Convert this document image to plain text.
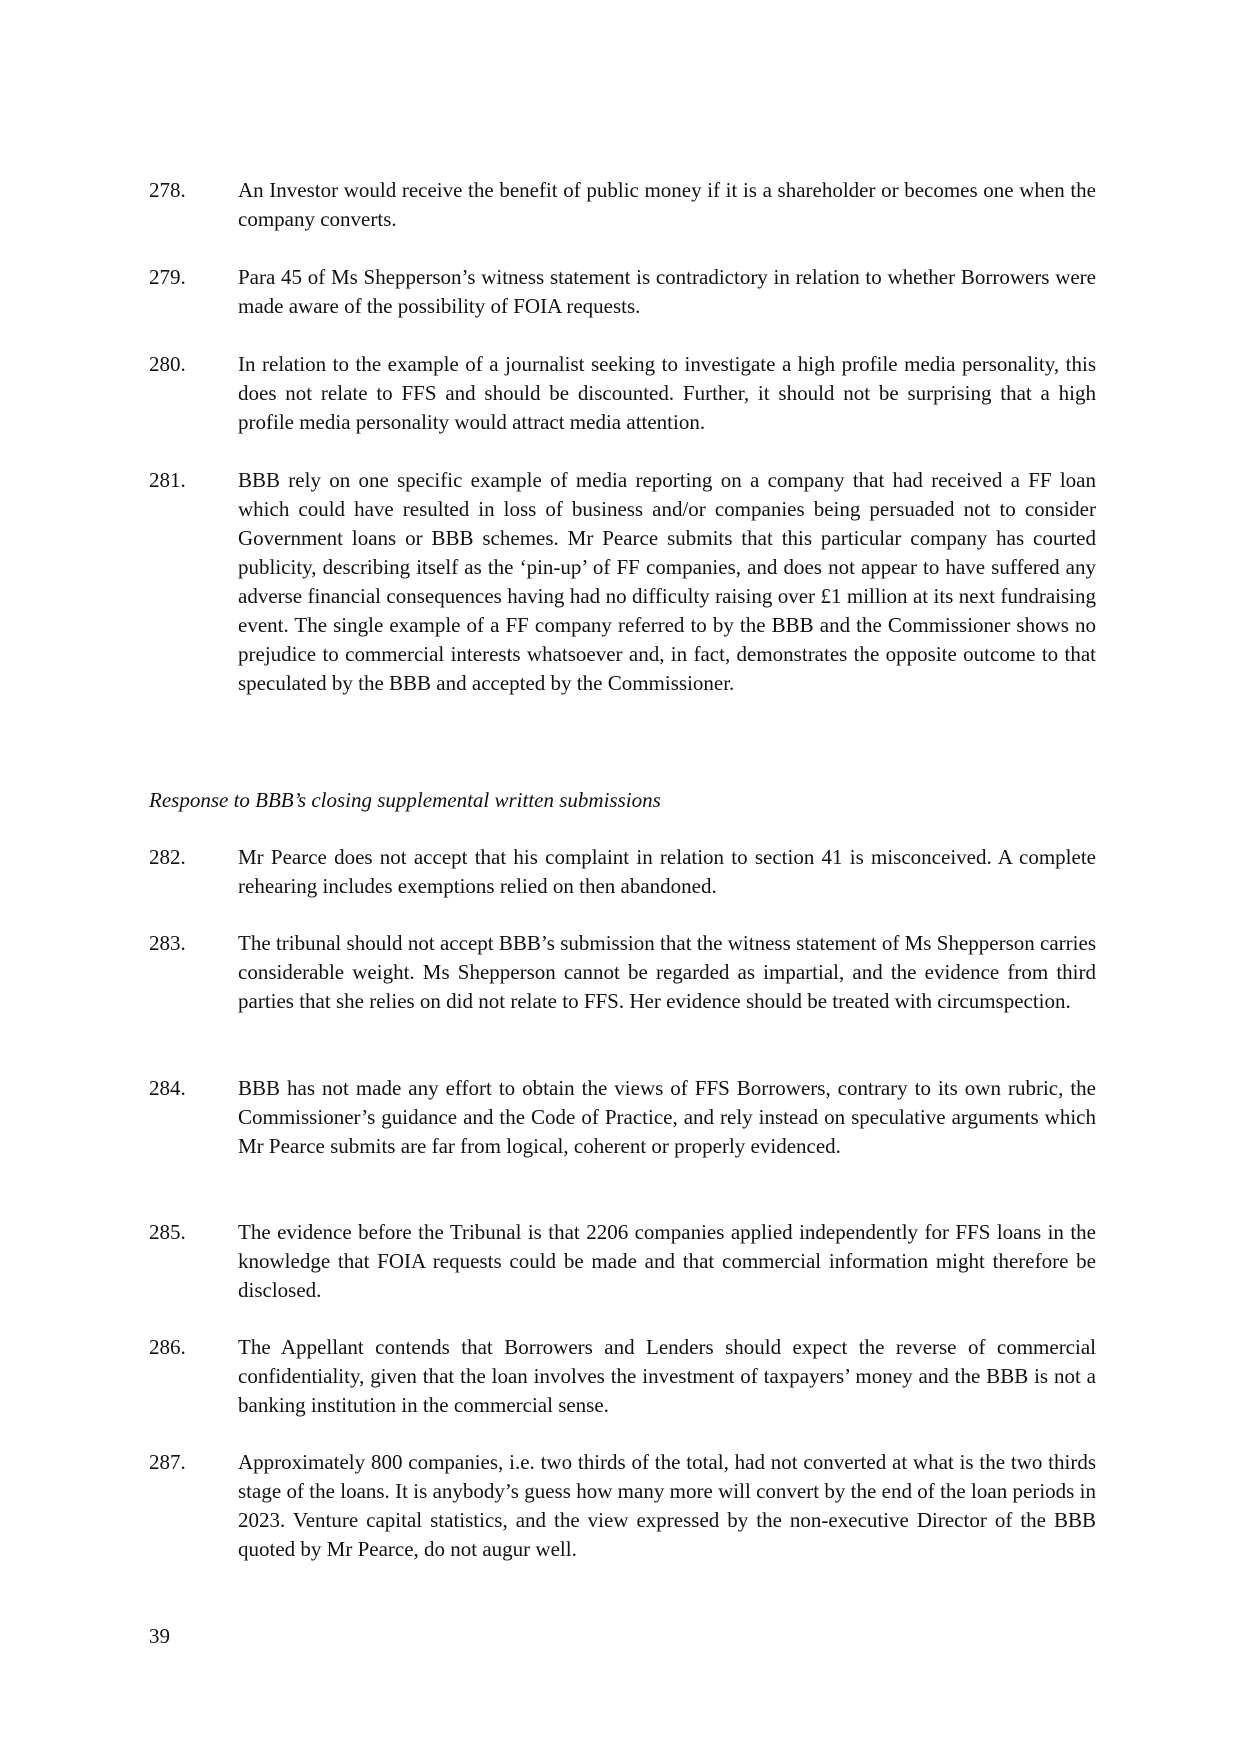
278.	An Investor would receive the benefit of public money if it is a shareholder or becomes one when the company converts.
279.	Para 45 of Ms Shepperson’s witness statement is contradictory in relation to whether Borrowers were made aware of the possibility of FOIA requests.
280.	In relation to the example of a journalist seeking to investigate a high profile media personality, this does not relate to FFS and should be discounted. Further, it should not be surprising that a high profile media personality would attract media attention.
281.	BBB rely on one specific example of media reporting on a company that had received a FF loan which could have resulted in loss of business and/or companies being persuaded not to consider Government loans or BBB schemes. Mr Pearce submits that this particular company has courted publicity, describing itself as the ‘pin-up’ of FF companies, and does not appear to have suffered any adverse financial consequences having had no difficulty raising over £1 million at its next fundraising event. The single example of a FF company referred to by the BBB and the Commissioner shows no prejudice to commercial interests whatsoever and, in fact, demonstrates the opposite outcome to that speculated by the BBB and accepted by the Commissioner.
Response to BBB’s closing supplemental written submissions
282.	Mr Pearce does not accept that his complaint in relation to section 41 is misconceived. A complete rehearing includes exemptions relied on then abandoned.
283.	The tribunal should not accept BBB’s submission that the witness statement of Ms Shepperson carries considerable weight. Ms Shepperson cannot be regarded as impartial, and the evidence from third parties that she relies on did not relate to FFS. Her evidence should be treated with circumspection.
284.	BBB has not made any effort to obtain the views of FFS Borrowers, contrary to its own rubric, the Commissioner’s guidance and the Code of Practice, and rely instead on speculative arguments which Mr Pearce submits are far from logical, coherent or properly evidenced.
285.	The evidence before the Tribunal is that 2206 companies applied independently for FFS loans in the knowledge that FOIA requests could be made and that commercial information might therefore be disclosed.
286.	The Appellant contends that Borrowers and Lenders should expect the reverse of commercial confidentiality, given that the loan involves the investment of taxpayers’ money and the BBB is not a banking institution in the commercial sense.
287.	Approximately 800 companies, i.e. two thirds of the total, had not converted at what is the two thirds stage of the loans. It is anybody’s guess how many more will convert by the end of the loan periods in 2023. Venture capital statistics, and the view expressed by the non-executive Director of the BBB quoted by Mr Pearce, do not augur well.
39
